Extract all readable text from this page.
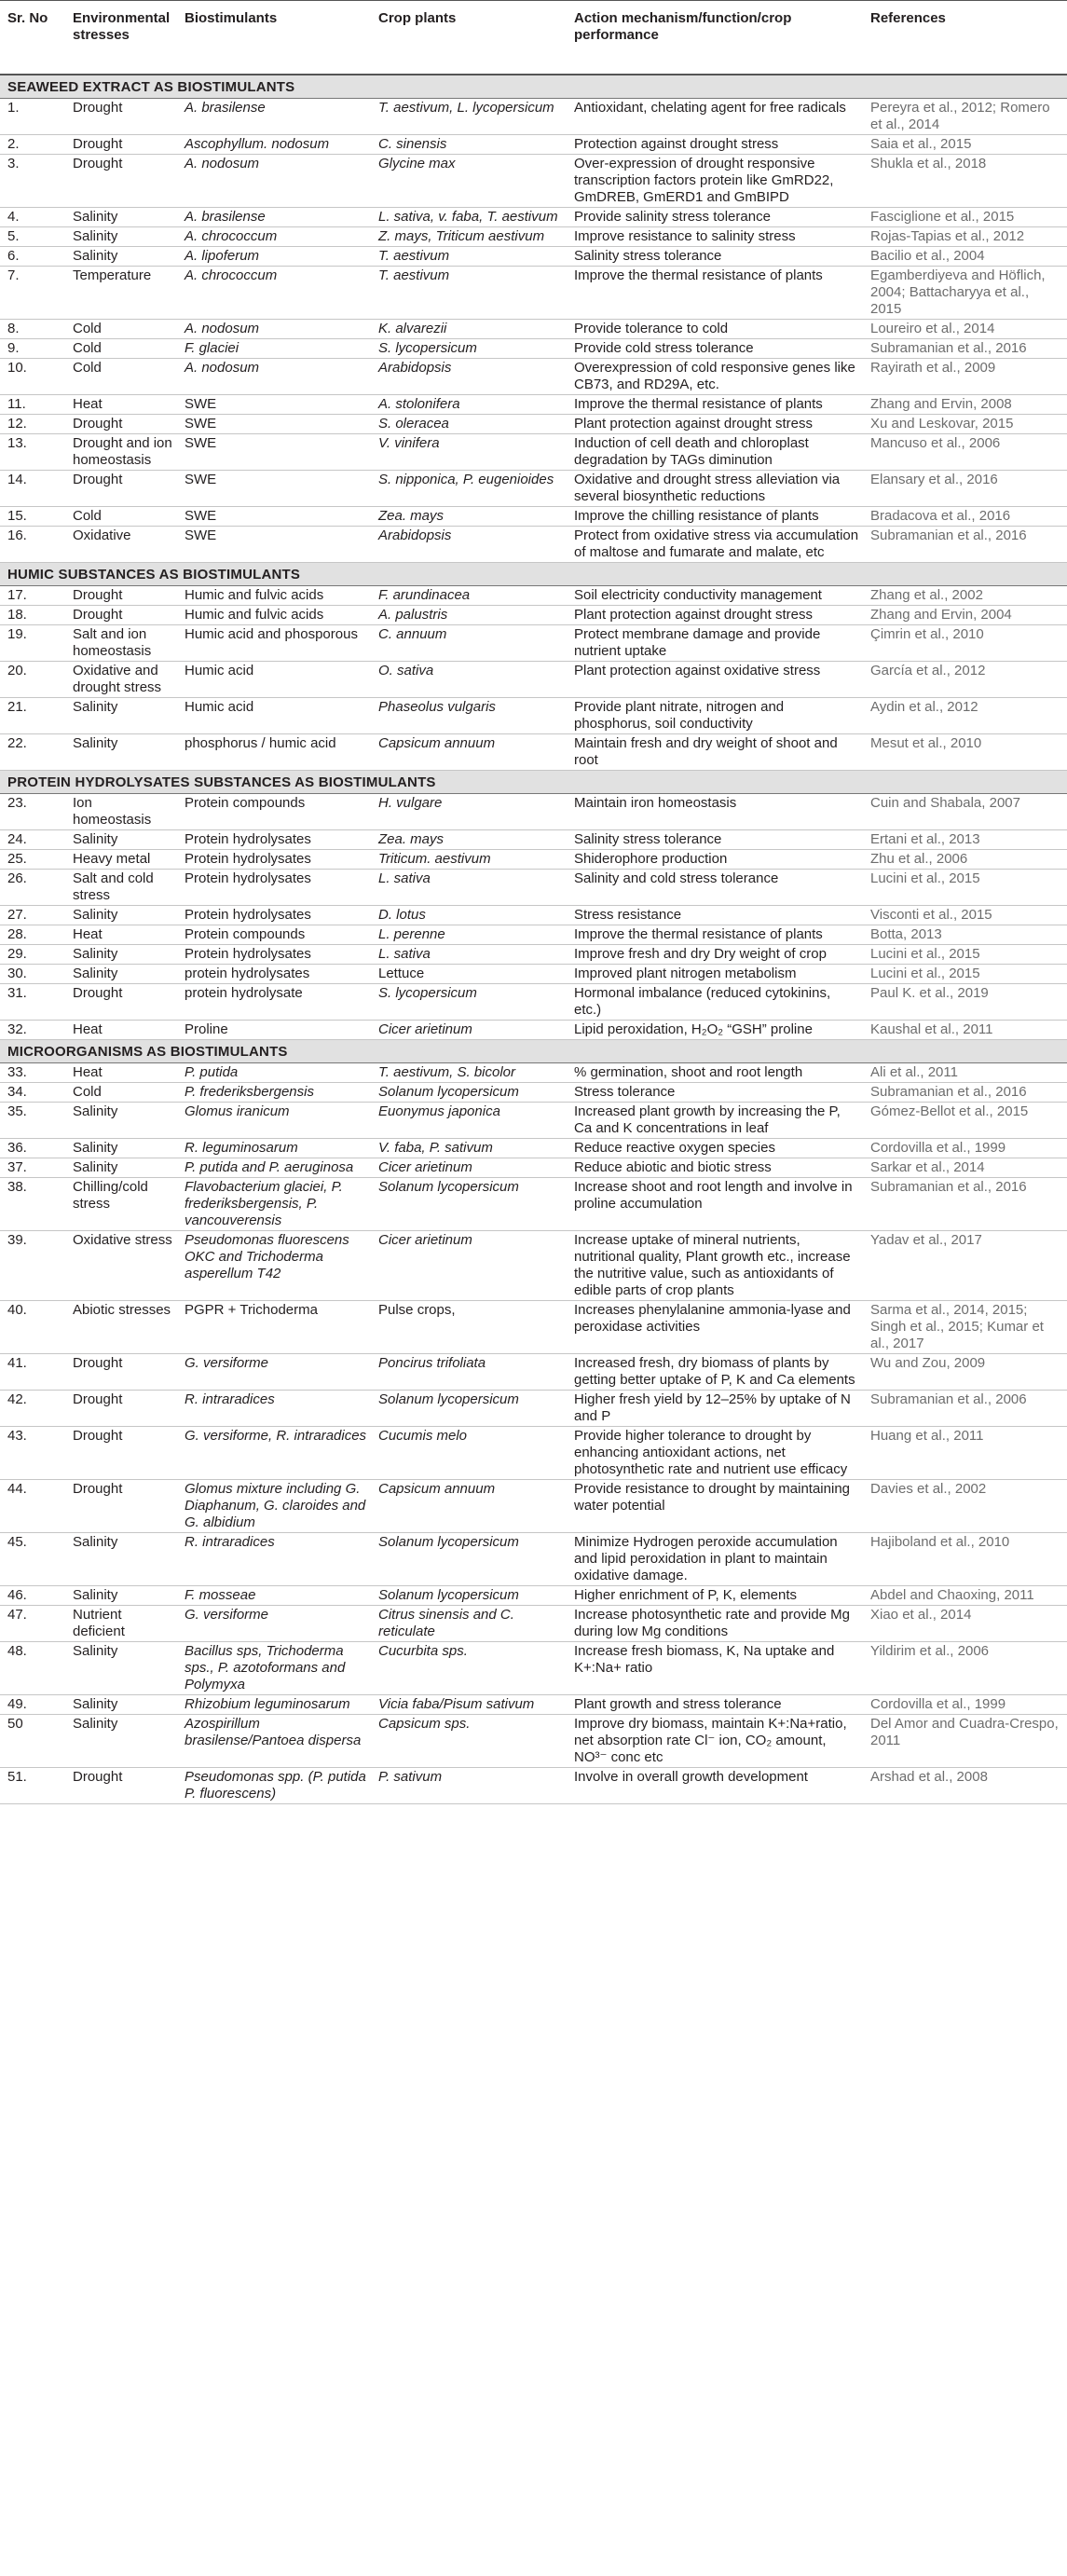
Sr. No	Environmental stresses	Biostimulants	Crop plants	Action mechanism/function/crop performance	References
SEAWEED EXTRACT AS BIOSTIMULANTS					
1.	Drought	A. brasilense	T. aestivum, L. lycopersicum	Antioxidant, chelating agent for free radicals	Pereyra et al., 2012; Romero et al., 2014
2.	Drought	Ascophyllum. nodosum	C. sinensis	Protection against drought stress	Saia et al., 2015
3.	Drought	A. nodosum	Glycine max	Over-expression of drought responsive transcription factors protein like GmRD22, GmDREB, GmERD1 and GmBIPD	Shukla et al., 2018
4.	Salinity	A. brasilense	L. sativa, v. faba, T. aestivum	Provide salinity stress tolerance	Fasciglione et al., 2015
5.	Salinity	A. chrococcum	Z. mays, Triticum aestivum	Improve resistance to salinity stress	Rojas-Tapias et al., 2012
6.	Salinity	A. lipoferum	T. aestivum	Salinity stress tolerance	Bacilio et al., 2004
7.	Temperature	A. chrococcum	T. aestivum	Improve the thermal resistance of plants	Egamberdiyeva and Höflich, 2004; Battacharyya et al., 2015
8.	Cold	A. nodosum	K. alvarezii	Provide tolerance to cold	Loureiro et al., 2014
9.	Cold	F. glaciei	S. lycopersicum	Provide cold stress tolerance	Subramanian et al., 2016
10.	Cold	A. nodosum	Arabidopsis	Overexpression of cold responsive genes like CB73, and RD29A, etc.	Rayirath et al., 2009
11.	Heat	SWE	A. stolonifera	Improve the thermal resistance of plants	Zhang and Ervin, 2008
12.	Drought	SWE	S. oleracea	Plant protection against drought stress	Xu and Leskovar, 2015
13.	Drought and ion homeostasis	SWE	V. vinifera	Induction of cell death and chloroplast degradation by TAGs diminution	Mancuso et al., 2006
14.	Drought	SWE	S. nipponica, P. eugenioides	Oxidative and drought stress alleviation via several biosynthetic reductions	Elansary et al., 2016
15.	Cold	SWE	Zea. mays	Improve the chilling resistance of plants	Bradacova et al., 2016
16.	Oxidative	SWE	Arabidopsis	Protect from oxidative stress via accumulation of maltose and fumarate and malate, etc	Subramanian et al., 2016
HUMIC SUBSTANCES AS BIOSTIMULANTS					
17.	Drought	Humic and fulvic acids	F. arundinacea	Soil electricity conductivity management	Zhang et al., 2002
18.	Drought	Humic and fulvic acids	A. palustris	Plant protection against drought stress	Zhang and Ervin, 2004
19.	Salt and ion homeostasis	Humic acid and phosporous	C. annuum	Protect membrane damage and provide nutrient uptake	Çimrin et al., 2010
20.	Oxidative and drought stress	Humic acid	O. sativa	Plant protection against oxidative stress	García et al., 2012
21.	Salinity	Humic acid	Phaseolus vulgaris	Provide plant nitrate, nitrogen and phosphorus, soil conductivity	Aydin et al., 2012
22.	Salinity	phosphorus / humic acid	Capsicum annuum	Maintain fresh and dry weight of shoot and root	Mesut et al., 2010
PROTEIN HYDROLYSATES SUBSTANCES AS BIOSTIMULANTS					
23.	Ion homeostasis	Protein compounds	H. vulgare	Maintain iron homeostasis	Cuin and Shabala, 2007
24.	Salinity	Protein hydrolysates	Zea. mays	Salinity stress tolerance	Ertani et al., 2013
25.	Heavy metal	Protein hydrolysates	Triticum. aestivum	Shiderophore production	Zhu et al., 2006
26.	Salt and cold stress	Protein hydrolysates	L. sativa	Salinity and cold stress tolerance	Lucini et al., 2015
27.	Salinity	Protein hydrolysates	D. lotus	Stress resistance	Visconti et al., 2015
28.	Heat	Protein compounds	L. perenne	Improve the thermal resistance of plants	Botta, 2013
29.	Salinity	Protein hydrolysates	L. sativa	Improve fresh and dry Dry weight of crop	Lucini et al., 2015
30.	Salinity	protein hydrolysates	Lettuce	Improved plant nitrogen metabolism	Lucini et al., 2015
31.	Drought	protein hydrolysate	S. lycopersicum	Hormonal imbalance (reduced cytokinins, etc.)	Paul K. et al., 2019
32.	Heat	Proline	Cicer arietinum	Lipid peroxidation, H₂O₂ “GSH” proline	Kaushal et al., 2011
MICROORGANISMS AS BIOSTIMULANTS					
33.	Heat	P. putida	T. aestivum, S. bicolor	% germination, shoot and root length	Ali et al., 2011
34.	Cold	P. frederiksbergensis	Solanum lycopersicum	Stress tolerance	Subramanian et al., 2016
35.	Salinity	Glomus iranicum	Euonymus japonica	Increased plant growth by increasing the P, Ca and K concentrations in leaf	Gómez-Bellot et al., 2015
36.	Salinity	R. leguminosarum	V. faba, P. sativum	Reduce reactive oxygen species	Cordovilla et al., 1999
37.	Salinity	P. putida and P. aeruginosa	Cicer arietinum	Reduce abiotic and biotic stress	Sarkar et al., 2014
38.	Chilling/cold stress	Flavobacterium glaciei, P. frederiksbergensis, P. vancouverensis	Solanum lycopersicum	Increase shoot and root length and involve in proline accumulation	Subramanian et al., 2016
39.	Oxidative stress	Pseudomonas fluorescens OKC and Trichoderma asperellum T42	Cicer arietinum	Increase uptake of mineral nutrients, nutritional quality, Plant growth etc., increase the nutritive value, such as antioxidants of edible parts of crop plants	Yadav et al., 2017
40.	Abiotic stresses	PGPR + Trichoderma	Pulse crops,	Increases phenylalanine ammonia-lyase and peroxidase activities	Sarma et al., 2014, 2015; Singh et al., 2015; Kumar et al., 2017
41.	Drought	G. versiforme	Poncirus trifoliata	Increased fresh, dry biomass of plants by getting better uptake of P, K and Ca elements	Wu and Zou, 2009
42.	Drought	R. intraradices	Solanum lycopersicum	Higher fresh yield by 12–25% by uptake of N and P	Subramanian et al., 2006
43.	Drought	G. versiforme, R. intraradices	Cucumis melo	Provide higher tolerance to drought by enhancing antioxidant actions, net photosynthetic rate and nutrient use efficacy	Huang et al., 2011
44.	Drought	Glomus mixture including G. Diaphanum, G. claroides and G. albidium	Capsicum annuum	Provide resistance to drought by maintaining water potential	Davies et al., 2002
45.	Salinity	R. intraradices	Solanum lycopersicum	Minimize Hydrogen peroxide accumulation and lipid peroxidation in plant to maintain oxidative damage.	Hajiboland et al., 2010
46.	Salinity	F. mosseae	Solanum lycopersicum	Higher enrichment of P, K, elements	Abdel and Chaoxing, 2011
47.	Nutrient deficient	G. versiforme	Citrus sinensis and C. reticulate	Increase photosynthetic rate and provide Mg during low Mg conditions	Xiao et al., 2014
48.	Salinity	Bacillus sps, Trichoderma sps., P. azotoformans and Polymyxa	Cucurbita sps.	Increase fresh biomass, K, Na uptake and K+:Na+ ratio	Yildirim et al., 2006
49.	Salinity	Rhizobium leguminosarum	Vicia faba/Pisum sativum	Plant growth and stress tolerance	Cordovilla et al., 1999
50	Salinity	Azospirillum brasilense/Pantoea dispersa	Capsicum sps.	Improve dry biomass, maintain K+:Na+ratio, net absorption rate Cl⁻ ion, CO₂ amount, NO³⁻ conc etc	Del Amor and Cuadra-Crespo, 2011
51.	Drought	Pseudomonas spp. (P. putida P. fluorescens)	P. sativum	Involve in overall growth development	Arshad et al., 2008
